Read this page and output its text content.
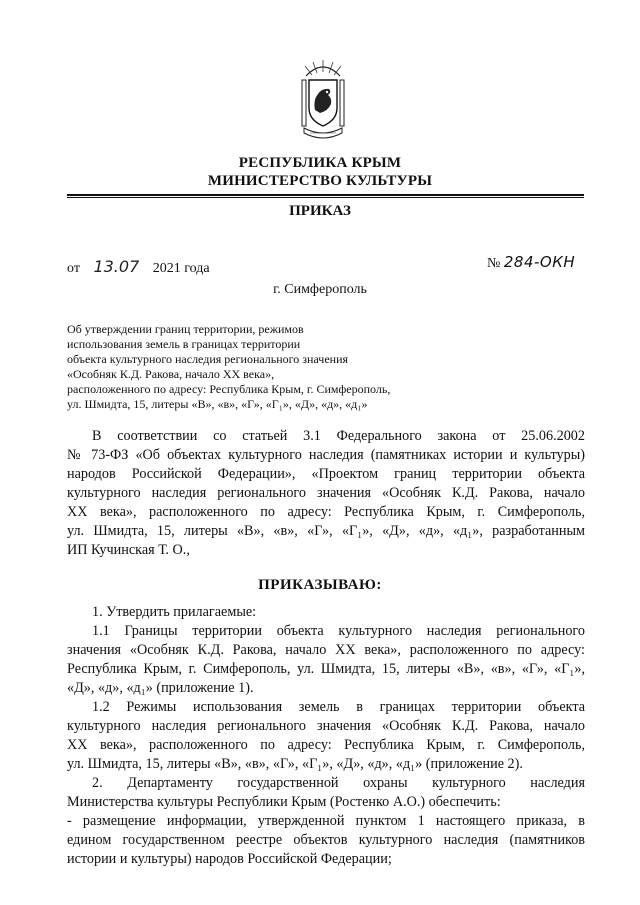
РЕСПУБЛИКА КРЫМ
МИНИСТЕРСТВО КУЛЬТУРЫ
ПРИКАЗ
от 13.07 2021 года	№ 284-ОКН
г. Симферополь
Об утверждении границ территории, режимов
использования земель в границах территории
объекта культурного наследия регионального значения
«Особняк К.Д. Ракова, начало XX века»,
расположенного по адресу: Республика Крым, г. Симферополь,
ул. Шмидта, 15, литеры «В», «в», «Г», «Г₁», «Д», «д», «д₁»
В соответствии со статьей 3.1 Федерального закона от 25.06.2002
№ 73-ФЗ «Об объектах культурного наследия (памятниках истории и культуры)
народов Российской Федерации», «Проектом границ территории объекта
культурного наследия регионального значения «Особняк К.Д. Ракова, начало
XX века», расположенного по адресу: Республика Крым, г. Симферополь,
ул. Шмидта, 15, литеры «В», «в», «Г», «Г₁», «Д», «д», «д₁», разработанным
ИП Кучинская Т. О.,
ПРИКАЗЫВАЮ:
1. Утвердить прилагаемые:
1.1 Границы территории объекта культурного наследия регионального
значения «Особняк К.Д. Ракова, начало XX века», расположенного по адресу:
Республика Крым, г. Симферополь, ул. Шмидта, 15, литеры «В», «в», «Г», «Г₁»,
«Д», «д», «д₁» (приложение 1).
1.2 Режимы использования земель в границах территории объекта
культурного наследия регионального значения «Особняк К.Д. Ракова, начало
XX века», расположенного по адресу: Республика Крым, г. Симферополь,
ул. Шмидта, 15, литеры «В», «в», «Г», «Г₁», «Д», «д», «д₁» (приложение 2).
2. Департаменту государственной охраны культурного наследия
Министерства культуры Республики Крым (Ростенко А.О.) обеспечить:
- размещение информации, утвержденной пунктом 1 настоящего приказа, в
едином государственном реестре объектов культурного наследия (памятников
истории и культуры) народов Российской Федерации;
